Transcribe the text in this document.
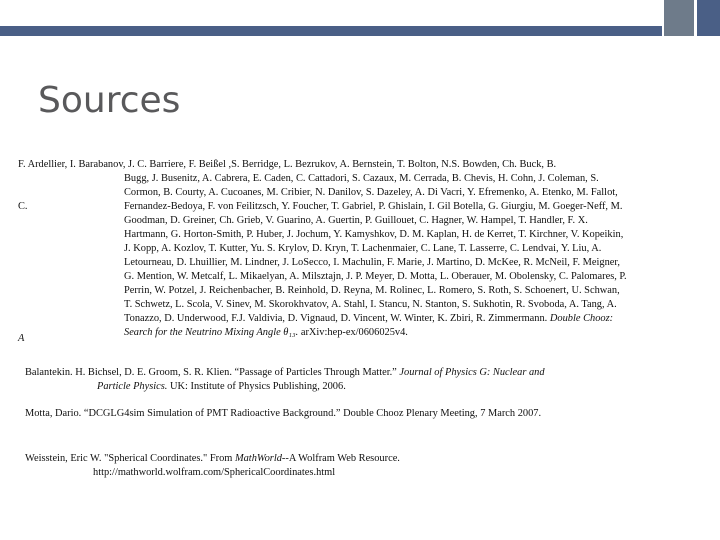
Sources

F. Ardellier, I. Barabanov, J. C. Barriere, F. Beißel ,S. Berridge, L. Bezrukov, A. Bernstein, T. Bolton, N.S. Bowden, Ch. Buck, B.

Bugg, J. Busenitz, A. Cabrera, E. Caden, C. Cattadori, S. Cazaux, M. Cerrada, B. Chevis, H. Cohn, J. Coleman, S.

Cormon, B. Courty, A. Cucoanes, M. Cribier, N. Danilov, S. Dazeley, A. Di Vacri, Y. Efremenko, A. Etenko, M. Fallot,

Fernandez-Bedoya, F. von Feilitzsch, Y. Foucher, T. Gabriel, P. Ghislain, I. Gil Botella, G. Giurgiu, M. Goeger-Neff, M.

Goodman, D. Greiner, Ch. Grieb, V. Guarino, A. Guertin, P. Guillouet, C. Hagner, W. Hampel, T. Handler, F. X.

Hartmann, G. Horton-Smith, P. Huber, J. Jochum, Y. Kamyshkov, D. M. Kaplan, H. de Kerret, T. Kirchner, V. Kopeikin,

J. Kopp, A. Kozlov, T. Kutter, Yu. S. Krylov, D. Kryn, T. Lachenmaier, C. Lane, T. Lasserre, C. Lendvai, Y. Liu, A.

Letourneau, D. Lhuillier, M. Lindner, J. LoSecco, I. Machulin, F. Marie, J. Martino, D. McKee, R. McNeil, F. Meigner,

G. Mention, W. Metcalf, L. Mikaelyan, A. Milsztajn, J. P. Meyer, D. Motta, L. Oberauer, M. Obolensky, C. Palomares, P.

Perrin, W. Potzel, J. Reichenbacher, B. Reinhold, D. Reyna, M. Rolinec, L. Romero, S. Roth, S. Schoenert, U. Schwan,

T. Schwetz, L. Scola, V. Sinev, M. Skorokhvatov, A. Stahl, I. Stancu, N. Stanton, S. Sukhotin, R. Svoboda, A. Tang, A.

Tonazzo, D. Underwood, F.J. Valdivia, D. Vignaud, D. Vincent, W. Winter, K. Zbiri, R. Zimmermann. Double Chooz:

Search for the Neutrino Mixing Angle θ₁₃. arXiv:hep-ex/0606025v4.

C.
A

Balantekin. H. Bichsel, D. E. Groom, S. R. Klien. “Passage of Particles Through Matter.” Journal of Physics G: Nuclear and

Particle Physics. UK: Institute of Physics Publishing, 2006.

Motta, Dario. “DCGLG4sim Simulation of PMT Radioactive Background.” Double Chooz Plenary Meeting, 7 March 2007.

Weisstein, Eric W. "Spherical Coordinates." From MathWorld--A Wolfram Web Resource.

http://mathworld.wolfram.com/SphericalCoordinates.html
